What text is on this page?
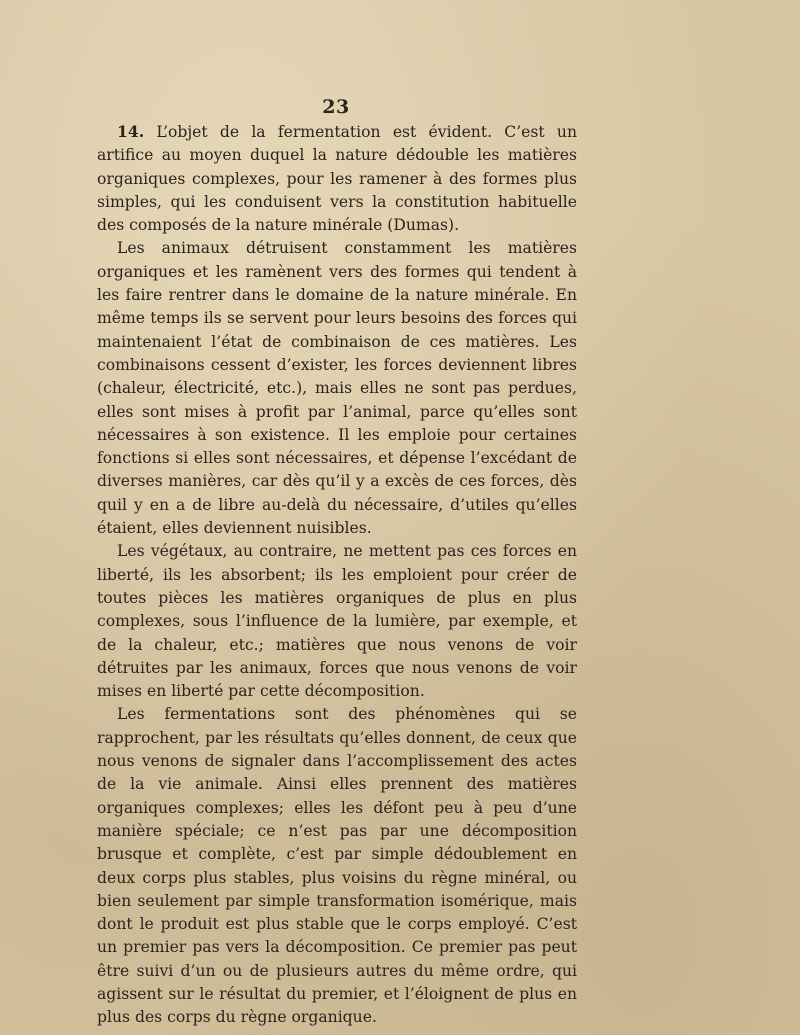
23

14. L’objet de la fermentation est évident. C’est un artifice au moyen duquel la nature dédouble les matières organiques complexes, pour les ramener à des formes plus simples, qui les conduisent vers la constitution habituelle des composés de la nature minérale (Dumas).

Les animaux détruisent constamment les matières organiques et les ramènent vers des formes qui tendent à les faire rentrer dans le domaine de la nature minérale. En même temps ils se servent pour leurs besoins des forces qui maintenaient l’état de combinaison de ces matières. Les combinaisons cessent d’exister, les forces deviennent libres (chaleur, électricité, etc.), mais elles ne sont pas perdues, elles sont mises à profit par l’animal, parce qu’elles sont nécessaires à son existence. Il les emploie pour certaines fonctions si elles sont nécessaires, et dépense l’excédant de diverses manières, car dès qu’il y a excès de ces forces, dès quil y en a de libre au-delà du nécessaire, d’utiles qu’elles étaient, elles deviennent nuisibles.

Les végétaux, au contraire, ne mettent pas ces forces en liberté, ils les absorbent; ils les emploient pour créer de toutes pièces les matières organiques de plus en plus complexes, sous l’influence de la lumière, par exemple, et de la chaleur, etc.; matières que nous venons de voir détruites par les animaux, forces que nous venons de voir mises en liberté par cette décomposition.

Les fermentations sont des phénomènes qui se rapprochent, par les résultats qu’elles donnent, de ceux que nous venons de signaler dans l’accomplissement des actes de la vie animale. Ainsi elles prennent des matières organiques complexes; elles les défont peu à peu d’une manière spéciale; ce n’est pas par une décomposition brusque et complète, c’est par simple dédoublement en deux corps plus stables, plus voisins du règne minéral, ou bien seulement par simple transformation isomérique, mais dont le produit est plus stable que le corps employé. C’est un premier pas vers la décomposition. Ce premier pas peut être suivi d’un ou de plusieurs autres du même ordre, qui agissent sur le résultat du premier, et l’éloignent de plus en plus des corps du règne organique.
